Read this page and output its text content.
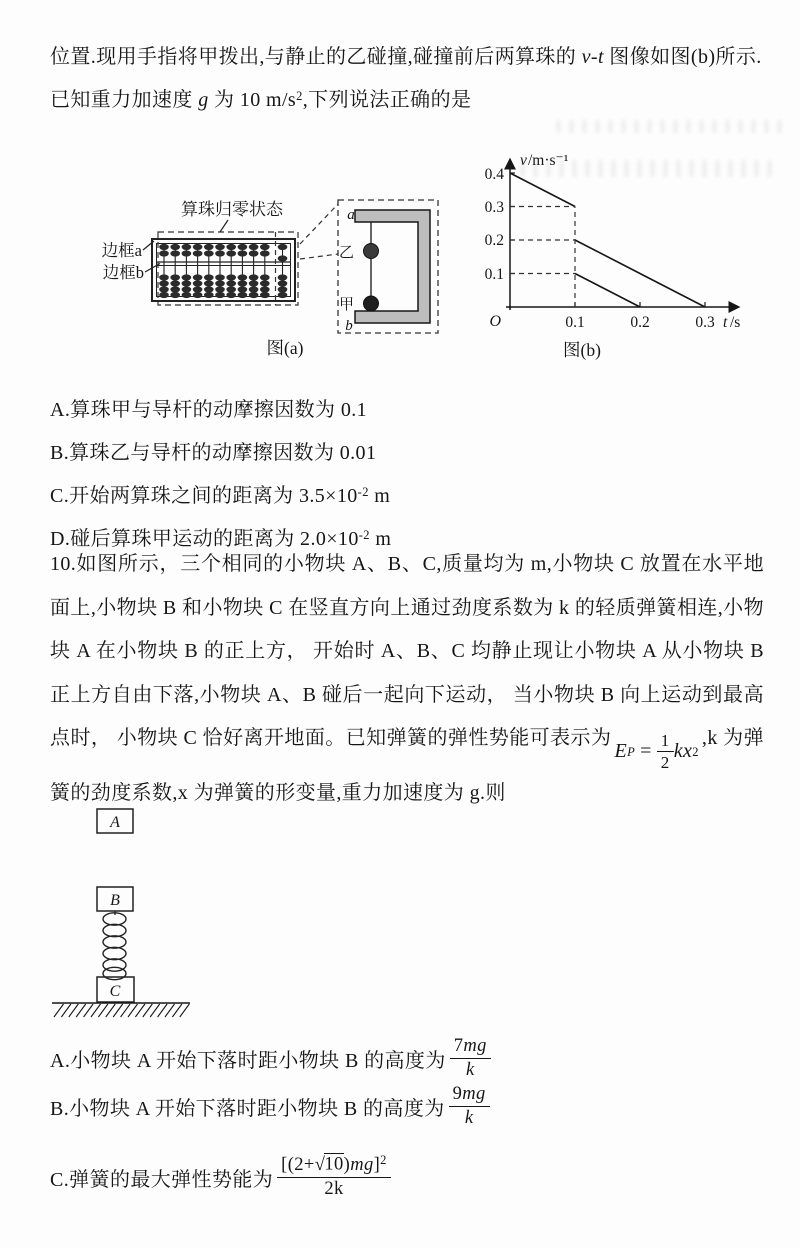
位置.现用手指将甲拨出,与静止的乙碰撞,碰撞前后两算珠的 v-t 图像如图(b)所示.
已知重力加速度 g 为 10 $m/s^2$,下列说法正确的是
算珠归零状态
边框a
边框b
图(a)
a
乙
甲
b
0.4
0.3
0.2
0.1
O	0.1	0.2	0.3
v /m·s⁻¹
t /s
图(b)
A.算珠甲与导杆的动摩擦因数为 0.1
B.算珠乙与导杆的动摩擦因数为 0.01
C.开始两算珠之间的距离为 $3.5\times 10^{-2}$ m
D.碰后算珠甲运动的距离为 $2.0\times 10^{-2}$ m
10.如图所示，三个相同的小物块 A、B、C,质量均为 m,小物块 C 放置在水平地面上,小物块 B 和小物块 C 在竖直方向上通过劲度系数为 k 的轻质弹簧相连,小物块 A 在小物块 B 的正上方， 开始时 A、B、C 均静止现让小物块 A 从小物块 B 正上方自由下落,小物块 A、B 碰后一起向下运动， 当小物块 B 向上运动到最高点时， 小物块 C 恰好离开地面。已知弹簧的弹性势能可表示为
E $P = \frac{1}{2}$ kx 2
,k 为弹簧的劲度系数,x 为弹簧的形变量,重力加速度为 g.则
A
B
C
A.小物块 A 开始下落时距小物块 B 的高度为 $\frac{7mg}{k}$
B.小物块 A 开始下落时距小物块 B 的高度为 $\frac{9mg}{k}$
C.弹簧的最大弹性势能为 $\frac{[(2+√10)mg]^2}{2k}$
